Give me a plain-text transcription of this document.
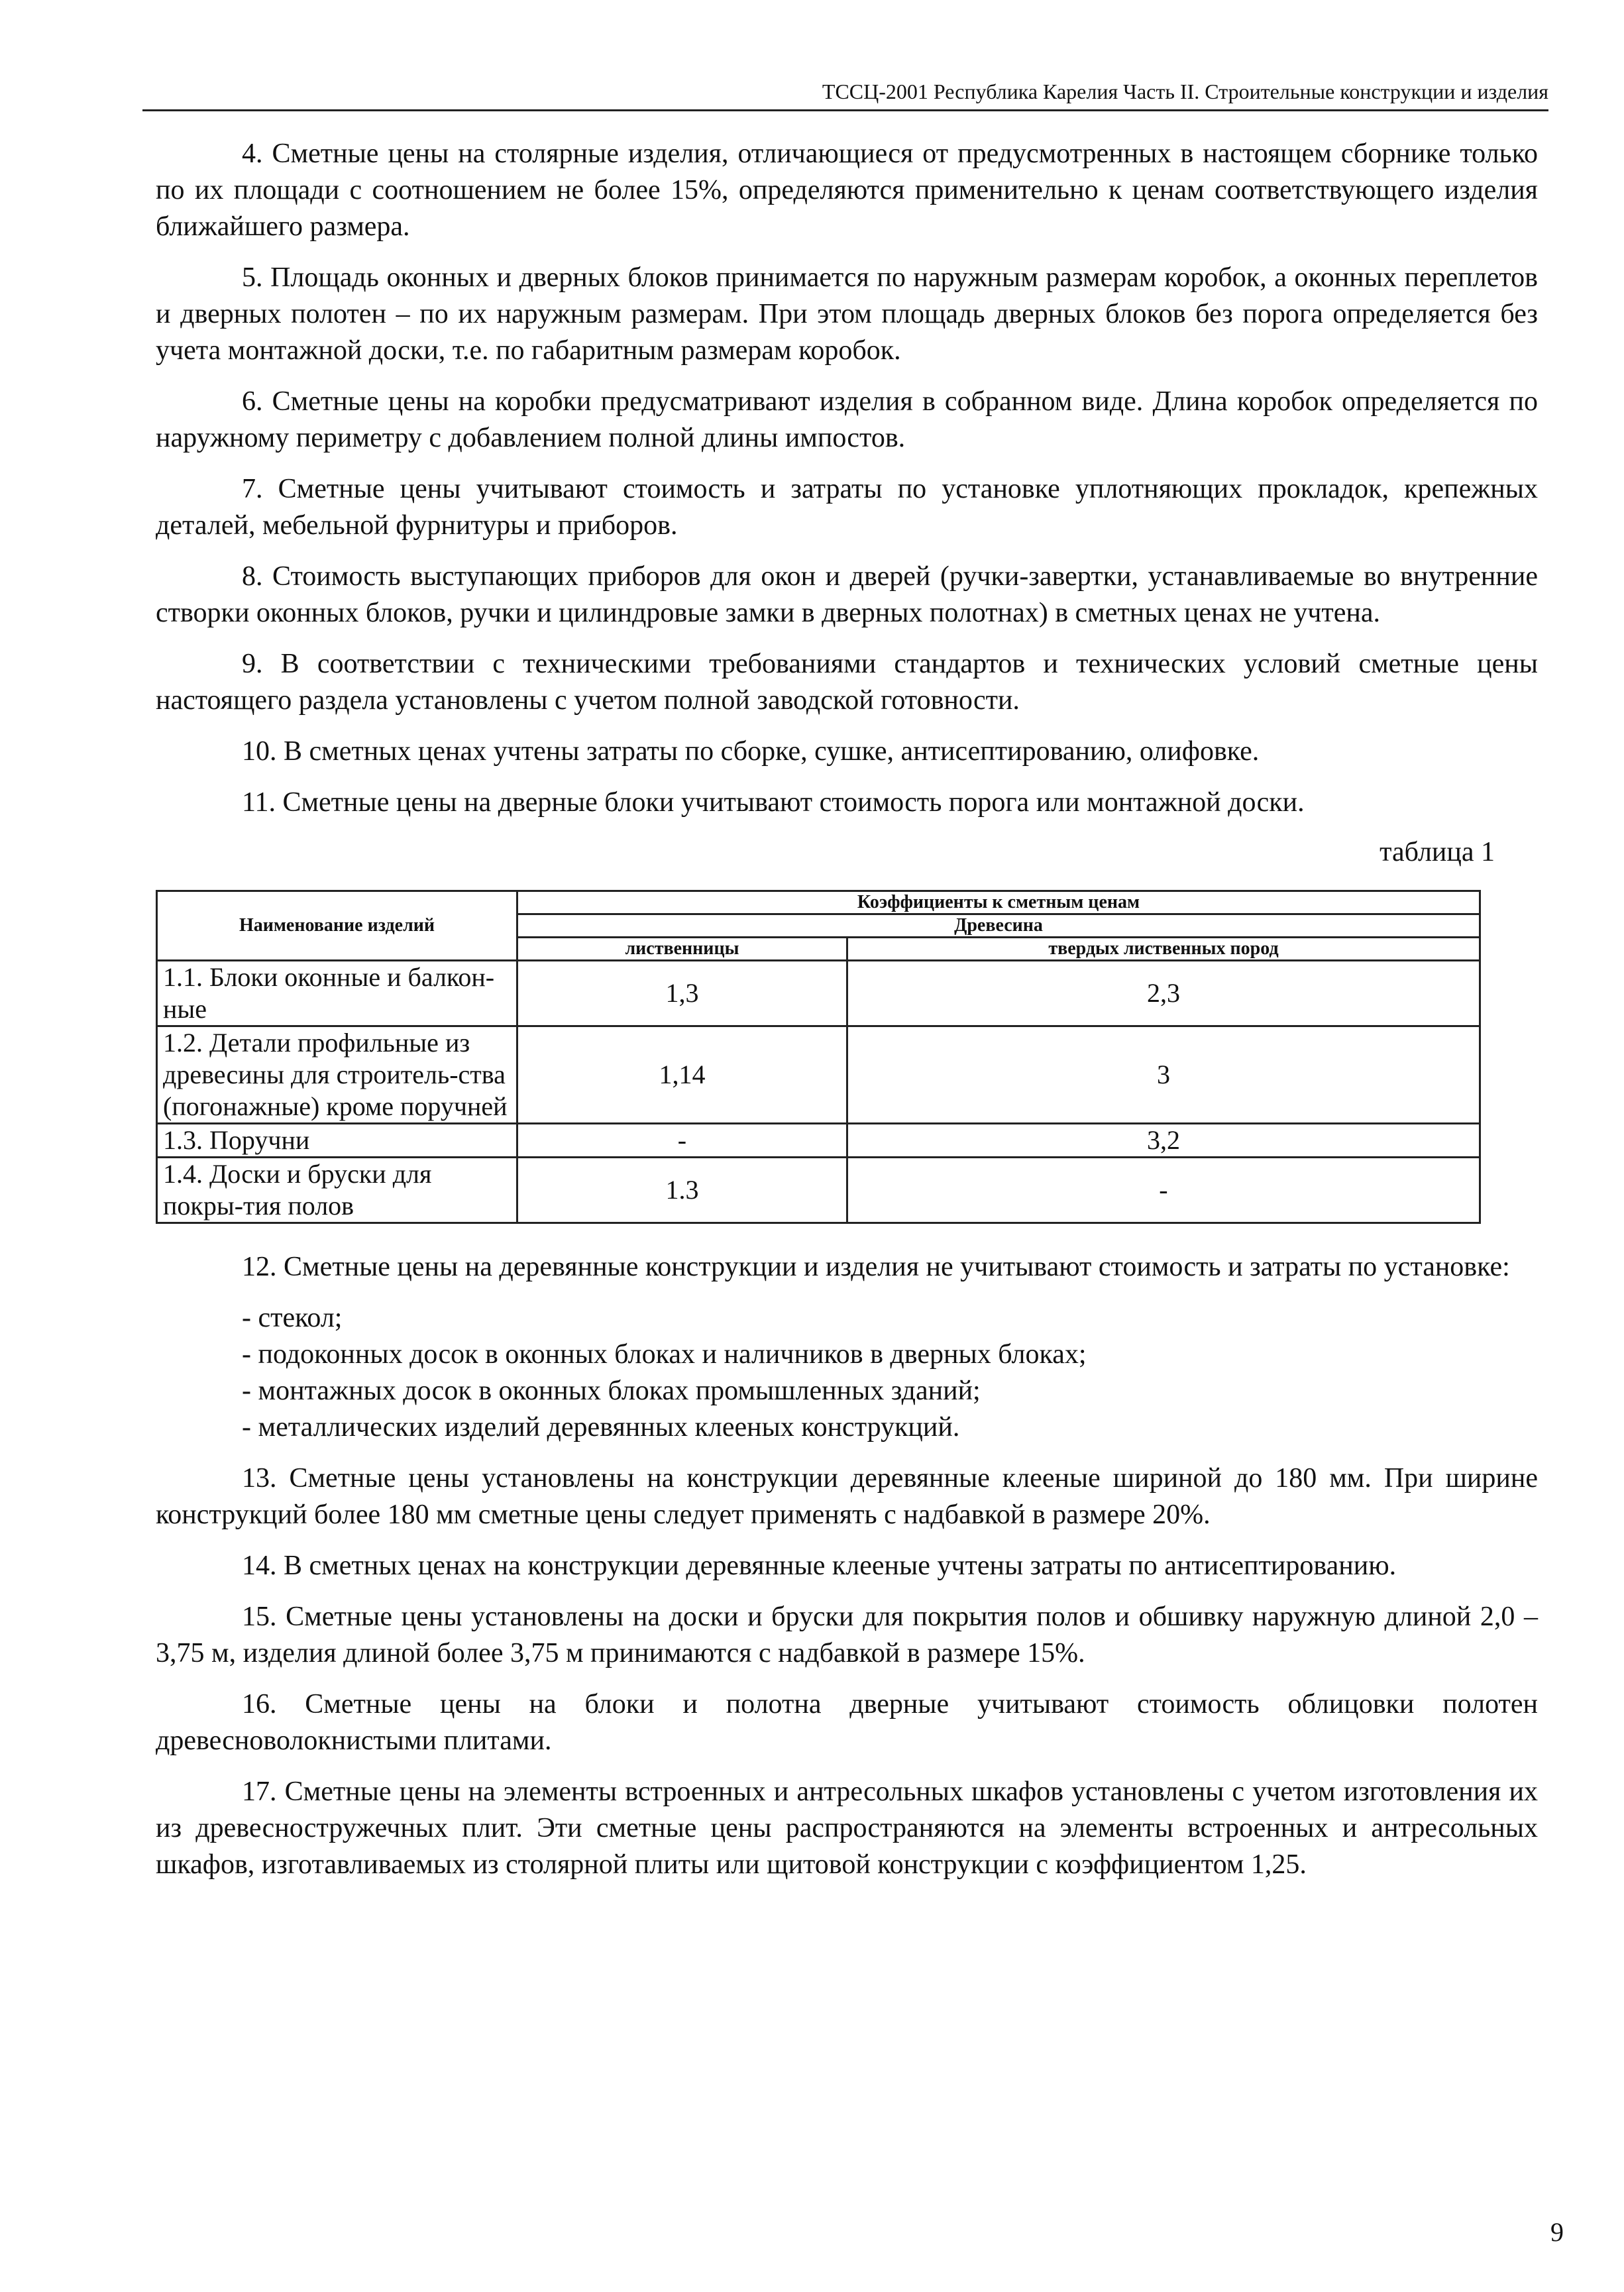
ТССЦ-2001 Республика Карелия Часть II. Строительные конструкции и изделия

4. Сметные цены на столярные изделия, отличающиеся от предусмотренных в настоящем сборнике только по их площади с соотношением не более 15%, определяются применительно к ценам соответствующего изделия ближайшего размера.

5. Площадь оконных и дверных блоков принимается по наружным размерам коробок, а оконных переплетов и дверных полотен – по их наружным размерам. При этом площадь дверных блоков без порога определяется без учета монтажной доски, т.е. по габаритным размерам коробок.

6. Сметные цены на коробки предусматривают изделия в собранном виде. Длина коробок определяется по наружному периметру с добавлением полной длины импостов.

7. Сметные цены учитывают стоимость и затраты по установке уплотняющих прокладок, крепежных деталей, мебельной фурнитуры и приборов.

8. Стоимость выступающих приборов для окон и дверей (ручки-завертки, устанавливаемые во внутренние створки оконных блоков, ручки и цилиндровые замки в дверных полотнах) в сметных ценах не учтена.

9. В соответствии с техническими требованиями стандартов и технических условий сметные цены настоящего раздела установлены с учетом полной заводской готовности.

10. В сметных ценах учтены затраты по сборке, сушке, антисептированию, олифовке.

11. Сметные цены на дверные блоки учитывают стоимость порога или монтажной доски.

таблица 1
Наименование изделий	Коэффициенты к сметным ценам	
	Древесина	
	лиственницы	твердых лиственных пород
1.1. Блоки оконные и балкон-ные	1,3	2,3
1.2. Детали профильные из древесины для строитель-ства (погонажные) кроме поручней	1,14	3
1.3. Поручни	-	3,2
1.4. Доски и бруски для покры-тия полов	1.3	-

12. Сметные цены на деревянные конструкции и изделия не учитывают стоимость и затраты по установке:

- стекол;
- подоконных досок в оконных блоках и наличников в дверных блоках;
- монтажных досок в оконных блоках промышленных зданий;
- металлических изделий деревянных клееных конструкций.

13. Сметные цены установлены на конструкции деревянные клееные шириной до 180 мм. При ширине конструкций более 180 мм сметные цены следует применять с надбавкой в размере 20%.

14. В сметных ценах на конструкции деревянные клееные учтены затраты по антисептированию.

15. Сметные цены установлены на доски и бруски для покрытия полов и обшивку наружную длиной 2,0 – 3,75 м, изделия длиной более 3,75 м принимаются с надбавкой в размере 15%.

16. Сметные цены на блоки и полотна дверные учитывают стоимость облицовки полотен древесноволокнистыми плитами.

17. Сметные цены на элементы встроенных и антресольных шкафов установлены с учетом изготовления их из древесностружечных плит. Эти сметные цены распространяются на элементы встроенных и антресольных шкафов, изготавливаемых из столярной плиты или щитовой конструкции с коэффициентом 1,25.

9
